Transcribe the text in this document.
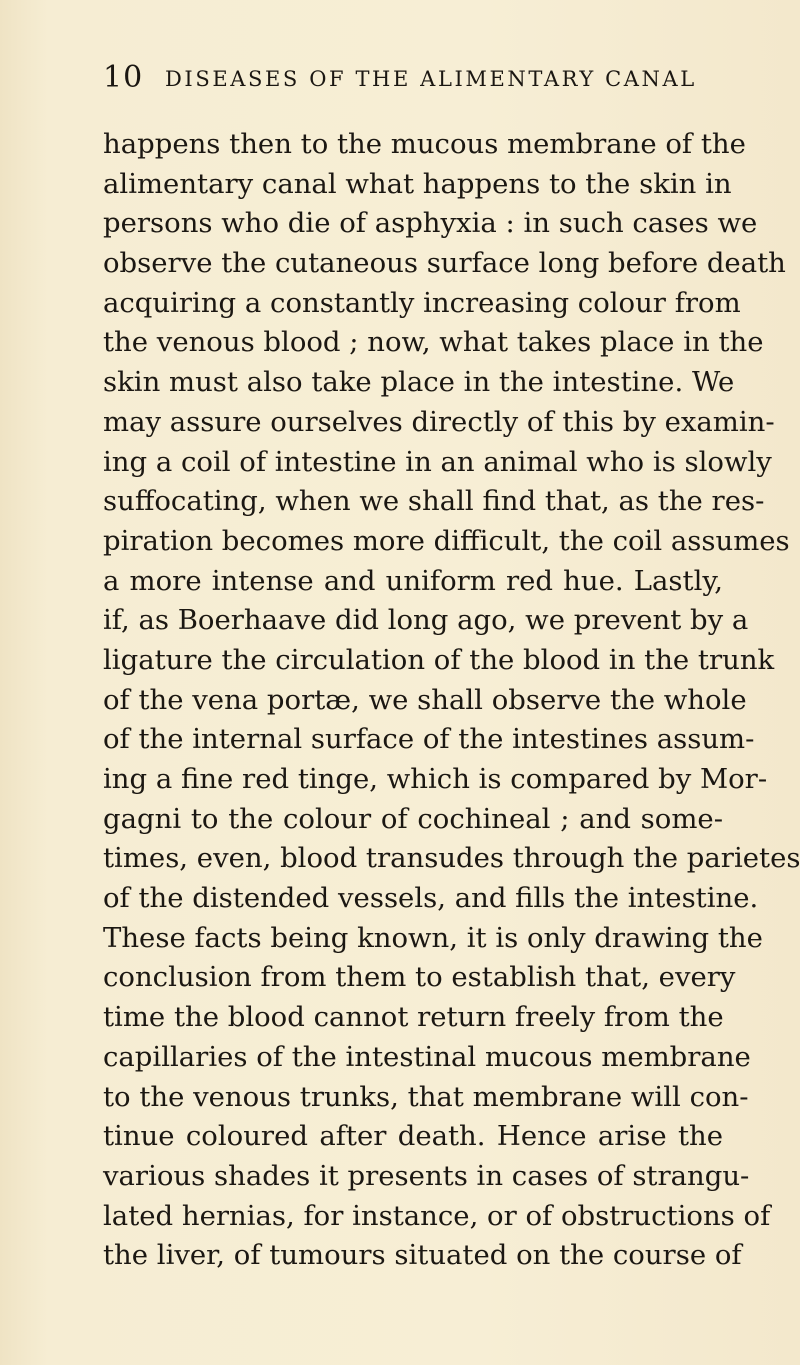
10 DISEASES OF THE ALIMENTARY CANAL
happens then to the mucous membrane of the
alimentary canal what happens to the skin in
persons who die of asphyxia : in such cases we
observe the cutaneous surface long before death
acquiring a constantly increasing colour from
the venous blood ; now, what takes place in the
skin must also take place in the intestine. We
may assure ourselves directly of this by examin-
ing a coil of intestine in an animal who is slowly
suffocating, when we shall find that, as the res-
piration becomes more difficult, the coil assumes
a more intense and uniform red hue. Lastly,
if, as Boerhaave did long ago, we prevent by a
ligature the circulation of the blood in the trunk
of the vena portæ, we shall observe the whole
of the internal surface of the intestines assum-
ing a fine red tinge, which is compared by Mor-
gagni to the colour of cochineal ; and some-
times, even, blood transudes through the parietes
of the distended vessels, and fills the intestine.
These facts being known, it is only drawing the
conclusion from them to establish that, every
time the blood cannot return freely from the
capillaries of the intestinal mucous membrane
to the venous trunks, that membrane will con-
tinue coloured after death. Hence arise the
various shades it presents in cases of strangu-
lated hernias, for instance, or of obstructions of
the liver, of tumours situated on the course of
